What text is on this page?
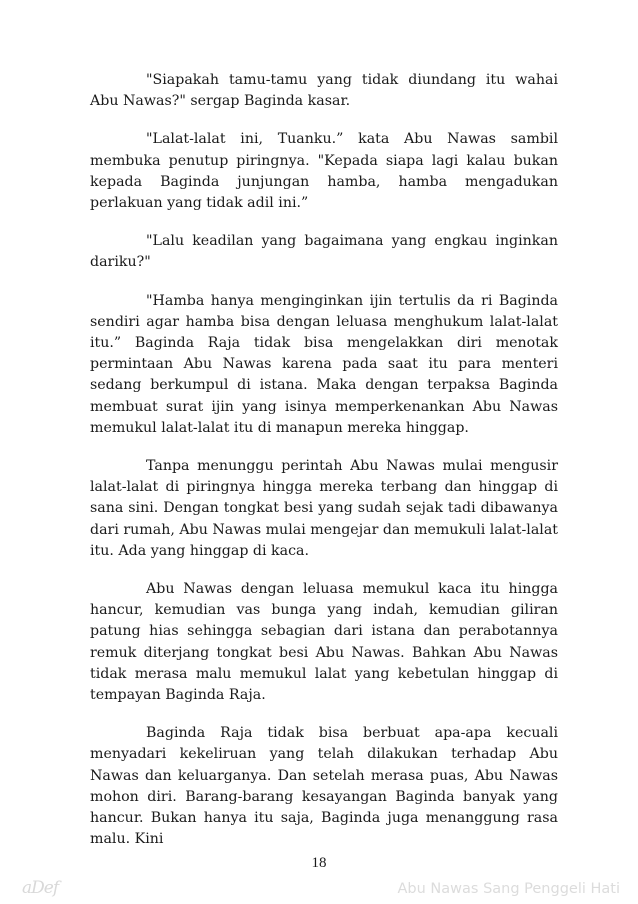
"Siapakah tamu-tamu yang tidak diundang itu wahai Abu Nawas?" sergap Baginda kasar.

"Lalat-lalat ini, Tuanku.” kata Abu Nawas sambil membuka penutup piringnya. "Kepada siapa lagi kalau bukan kepada Baginda junjungan hamba, hamba mengadukan perlakuan yang tidak adil ini.”

"Lalu keadilan yang bagaimana yang engkau inginkan dariku?"

"Hamba hanya menginginkan ijin tertulis da ri Baginda sendiri agar hamba bisa dengan leluasa menghukum lalat-lalat itu.” Baginda Raja tidak bisa mengelakkan diri menotak permintaan Abu Nawas karena pada saat itu para menteri sedang berkumpul di istana. Maka dengan terpaksa Baginda membuat surat ijin yang isinya memperkenankan Abu Nawas memukul lalat-lalat itu di manapun mereka hinggap.

Tanpa menunggu perintah Abu Nawas mulai mengusir lalat-lalat di piringnya hingga mereka terbang dan hinggap di sana sini. Dengan tongkat besi yang sudah sejak tadi dibawanya dari rumah, Abu Nawas mulai mengejar dan memukuli lalat-lalat itu. Ada yang hinggap di kaca.

Abu Nawas dengan leluasa memukul kaca itu hingga hancur, kemudian vas bunga yang indah, kemudian giliran patung hias sehingga sebagian dari istana dan perabotannya remuk diterjang tongkat besi Abu Nawas. Bahkan Abu Nawas tidak merasa malu memukul lalat yang kebetulan hinggap di tempayan Baginda Raja.

Baginda Raja tidak bisa berbuat apa-apa kecuali menyadari kekeliruan yang telah dilakukan terhadap Abu Nawas dan keluarganya. Dan setelah merasa puas, Abu Nawas mohon diri. Barang-barang kesayangan Baginda banyak yang hancur. Bukan hanya itu saja, Baginda juga menanggung rasa malu. Kini

18
aDef	Abu Nawas Sang Penggeli Hati
